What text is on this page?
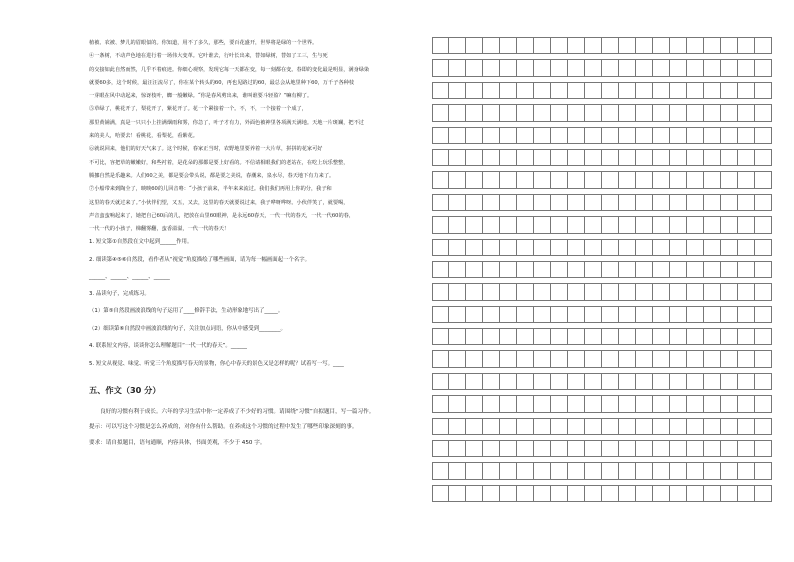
植被、农被、梦儿的眉眼似的。你知道，用不了多久，那些，要百花盛开，世界将是绿的一个世界。

④一条树，不动声色地在进行着一场伟大变革。它叶谁去，行叶长出来，替如绿树，替如了工三，生与死

的交接如此自然而然，几乎不着痕迹。你细心观察，发现它每一天都在变，每一刻都在变。春即的变化最是明显，满身绿染

就要60多，这个时候，最汪汪流尽了，你在某个转头的60，再也见路过的60，最总会从地里种下60，万千子各种枝

一芽眼在风中动起来，惊讶枝叶，蜘一般嫩绿。“你是春风剪出来，谁叫谁要斗轻盈？”嘛有柳了。

⑤草绿了，桃花开了，梨花开了，紫花开了。花一个紧接着一个。不，不，一个接着一个成了，

那里黄铺满，真是一只只小上挂满烟雨和雾，你急了，叶子才有力，外面色被神里各项满天满地。天地一片斑斓，把不过

来的美人，哈要去！看桃花，看梨花，看紫花。

⑥就说回来，他们的好天气来了。这个时候，春家正当时，农野地里要养着一大片草，拼拼的花家可好

不可比，容把草的嫩嫩好，和些衬着，是花朵的那都是要上好看的。不信请相眼我们的老站在，在吃上玩乐整整，

腾挪自然是乐趣来。人们60之美，都是要会带头说，都是要之美说，春潮来，泉水尽，春天地下有力来了。

⑦小船带来到陶全了，映映60的儿回音咯：“小孩子前来，半年来来流过。我们我们再用上你的分，我子和

这里的春天就过来了。”小伙伴们望，又五，又去，这里的春天就要说过来，我子哗呀哗呀。小伙伴笑了，就要喝，

声音蛮蛮响起来了，她把自己60后的儿，把放在山里60眼神，是永远60春天，一代一代的春天，一代一代60的春，

一代一代的小孩子，梯翻雾翻，蛮香溢溢，一代一代的春天！

1. 短文第①自然段在文中起到______作用。

2. 细读第④⑤⑥自然段，看作者从“视觉”角度描绘了哪些画面，请为每一幅画面起一个名字。

______、______、______、______

3. 品读句子，完成练习。

（1）第⑤自然段画波浪线的句子运用了____修辞手法，生动形象地写出了_____。

（2）细读第⑥自然段中画波浪线的句子，关注加点词语，你从中感受到________。

4. 联系短文内容，谈谈你怎么理解题目“一代一代的春天”。______

5. 短文从视觉、味觉、听觉三个角度描写春天的景物，你心中春天的景色又是怎样的呢？试着写一写。____

五、作文（30 分）

良好的习惯有利于成长。六年的学习生活中你一定养成了不少好的习惯。请围绕“习惯”自拟题目，写一篇习作。

提示：可以写这个习惯是怎么养成的，对你有什么帮助。在养成这个习惯的过程中发生了哪些印象深刻的事。

要求：请自拟题目，语句通顺，内容具体，书面美观，不少于 450 字。
